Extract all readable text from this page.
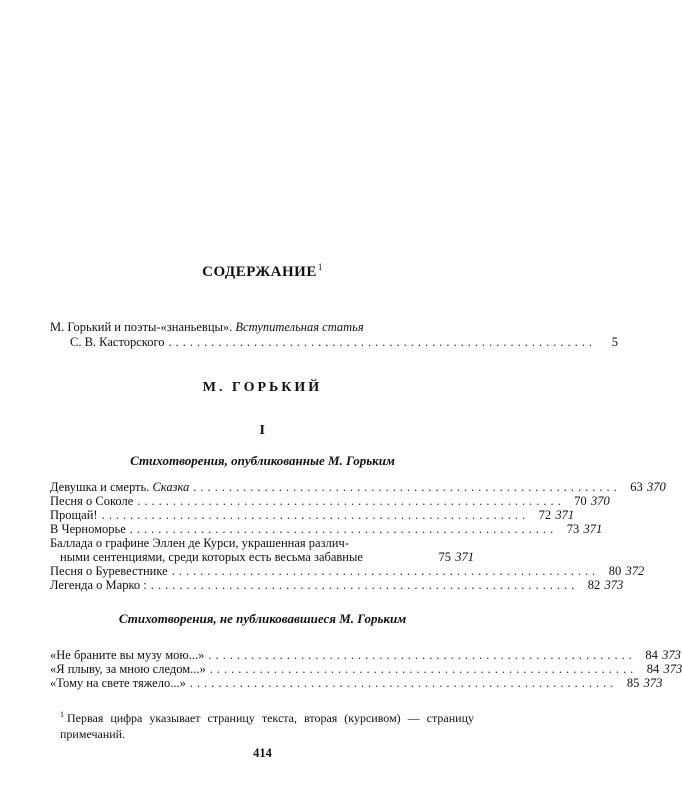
СОДЕРЖАНИЕ$^1$
М. Горький и поэты-«знаньевцы». Вступительная статья
С. В. Касторского ............................................................	5
М. ГОРЬКИЙ
I
Стихотворения, опубликованные М. Горьким
Девушка и смерть. Сказка ............................................................ 63 370
Песня о Соколе ............................................................ 70 370
Прощай! ............................................................ 72 371
В Черноморье ............................................................ 73 371
Баллада о графине Эллен де Курси, украшенная различ-
ными сентенциями, среди которых есть весьма забавные	75 371
Песня о Буревестнике ............................................................ 80 372
Легенда о Марко : ............................................................ 82 373
Стихотворения, не публиковавшиеся М. Горьким
«Не браните вы музу мою...» ............................................................ 84 373
«Я плыву, за мною следом...» ............................................................ 84 373
«Тому на свете тяжело...» ............................................................ 85 373
$^1$ Первая цифра указывает страницу текста, вторая (курсивом) — страницу примечаний.
414
